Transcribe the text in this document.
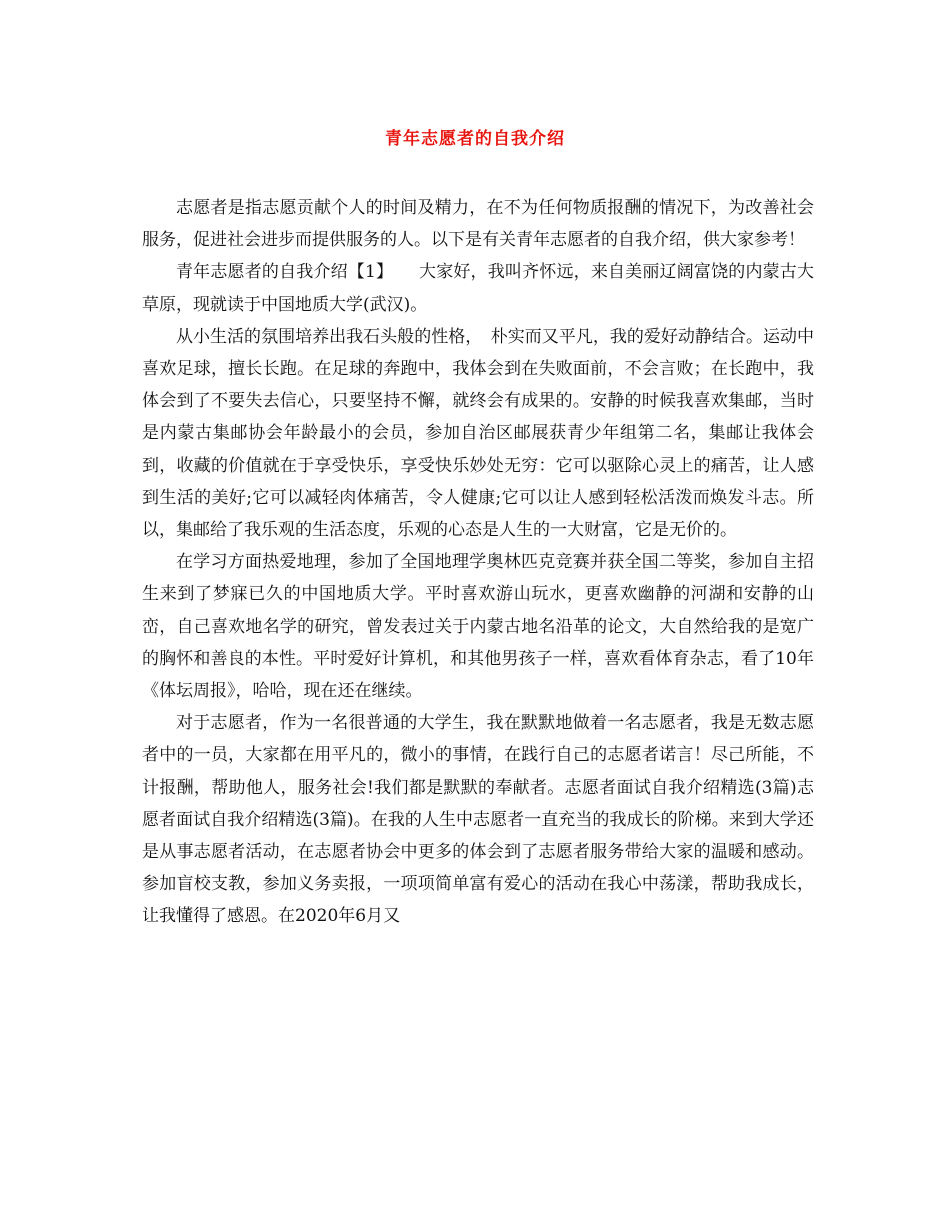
青年志愿者的自我介绍

志愿者是指志愿贡献个人的时间及精力，在不为任何物质报酬的情况下，为改善社会服务，促进社会进步而提供服务的人。以下是有关青年志愿者的自我介绍，供大家参考！

青年志愿者的自我介绍【1】　　大家好，我叫齐怀远，来自美丽辽阔富饶的内蒙古大草原，现就读于中国地质大学(武汉)。

从小生活的氛围培养出我石头般的性格，　朴实而又平凡，我的爱好动静结合。运动中喜欢足球，擅长长跑。在足球的奔跑中，我体会到在失败面前，不会言败；在长跑中，我体会到了不要失去信心，只要坚持不懈，就终会有成果的。安静的时候我喜欢集邮，当时是内蒙古集邮协会年龄最小的会员，参加自治区邮展获青少年组第二名，集邮让我体会到，收藏的价值就在于享受快乐，享受快乐妙处无穷：它可以驱除心灵上的痛苦，让人感到生活的美好;它可以减轻肉体痛苦，令人健康;它可以让人感到轻松活泼而焕发斗志。所以，集邮给了我乐观的生活态度，乐观的心态是人生的一大财富，它是无价的。

在学习方面热爱地理，参加了全国地理学奥林匹克竞赛并获全国二等奖，参加自主招生来到了梦寐已久的中国地质大学。平时喜欢游山玩水，更喜欢幽静的河湖和安静的山峦，自己喜欢地名学的研究，曾发表过关于内蒙古地名沿革的论文，大自然给我的是宽广的胸怀和善良的本性。平时爱好计算机，和其他男孩子一样，喜欢看体育杂志，看了10年《体坛周报》，哈哈，现在还在继续。

对于志愿者，作为一名很普通的大学生，我在默默地做着一名志愿者，我是无数志愿者中的一员，大家都在用平凡的，微小的事情，在践行自己的志愿者诺言！尽己所能，不计报酬，帮助他人，服务社会!我们都是默默的奉献者。志愿者面试自我介绍精选(3篇)志愿者面试自我介绍精选(3篇)。在我的人生中志愿者一直充当的我成长的阶梯。来到大学还是从事志愿者活动，在志愿者协会中更多的体会到了志愿者服务带给大家的温暖和感动。参加盲校支教，参加义务卖报，一项项简单富有爱心的活动在我心中荡漾，帮助我成长，让我懂得了感恩。在2020年6月又
